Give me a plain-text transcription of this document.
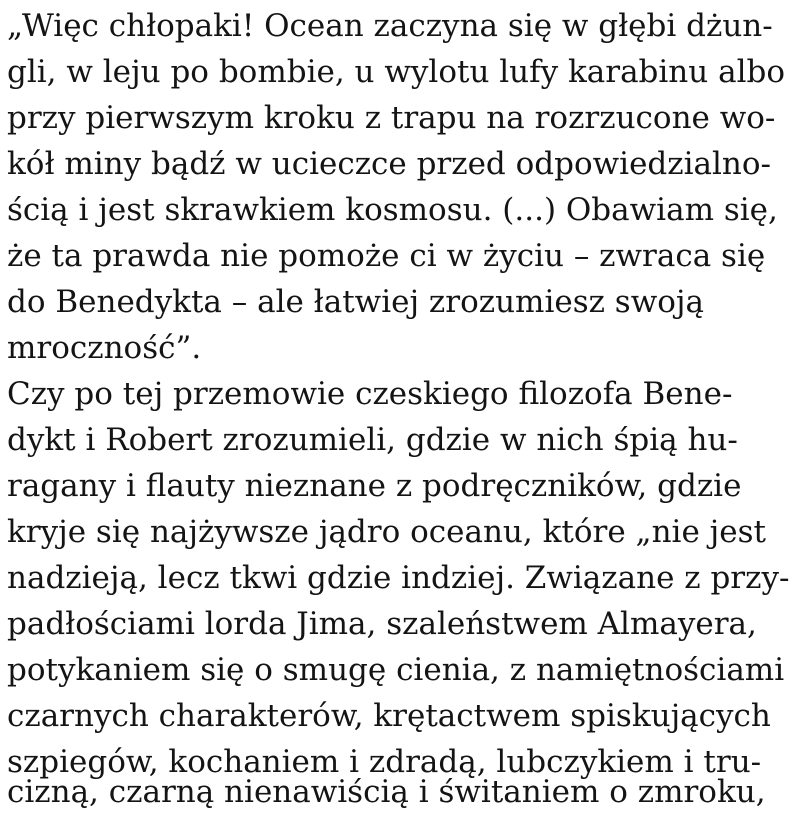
„Więc chłopaki! Ocean zaczyna się w głębi dżun-
gli, w leju po bombie, u wylotu lufy karabinu albo
przy pierwszym kroku z trapu na rozrzucone wo-
kół miny bądź w ucieczce przed odpowiedzialno-
ścią i jest skrawkiem kosmosu. (...) Obawiam się,
że ta prawda nie pomoże ci w życiu – zwraca się
do Benedykta – ale łatwiej zrozumiesz swoją
mroczność”.
Czy po tej przemowie czeskiego filozofa Bene-
dykt i Robert zrozumieli, gdzie w nich śpią hu-
ragany i flauty nieznane z podręczników, gdzie
kryje się najżywsze jądro oceanu, które „nie jest
nadzieją, lecz tkwi gdzie indziej. Związane z przy-
padłościami lorda Jima, szaleństwem Almayera,
potykaniem się o smugę cienia, z namiętnościami
czarnych charakterów, krętactwem spiskujących
szpiegów, kochaniem i zdradą, lubczykiem i tru-
cizną, czarną nienawiścią i świtaniem o zmroku,
